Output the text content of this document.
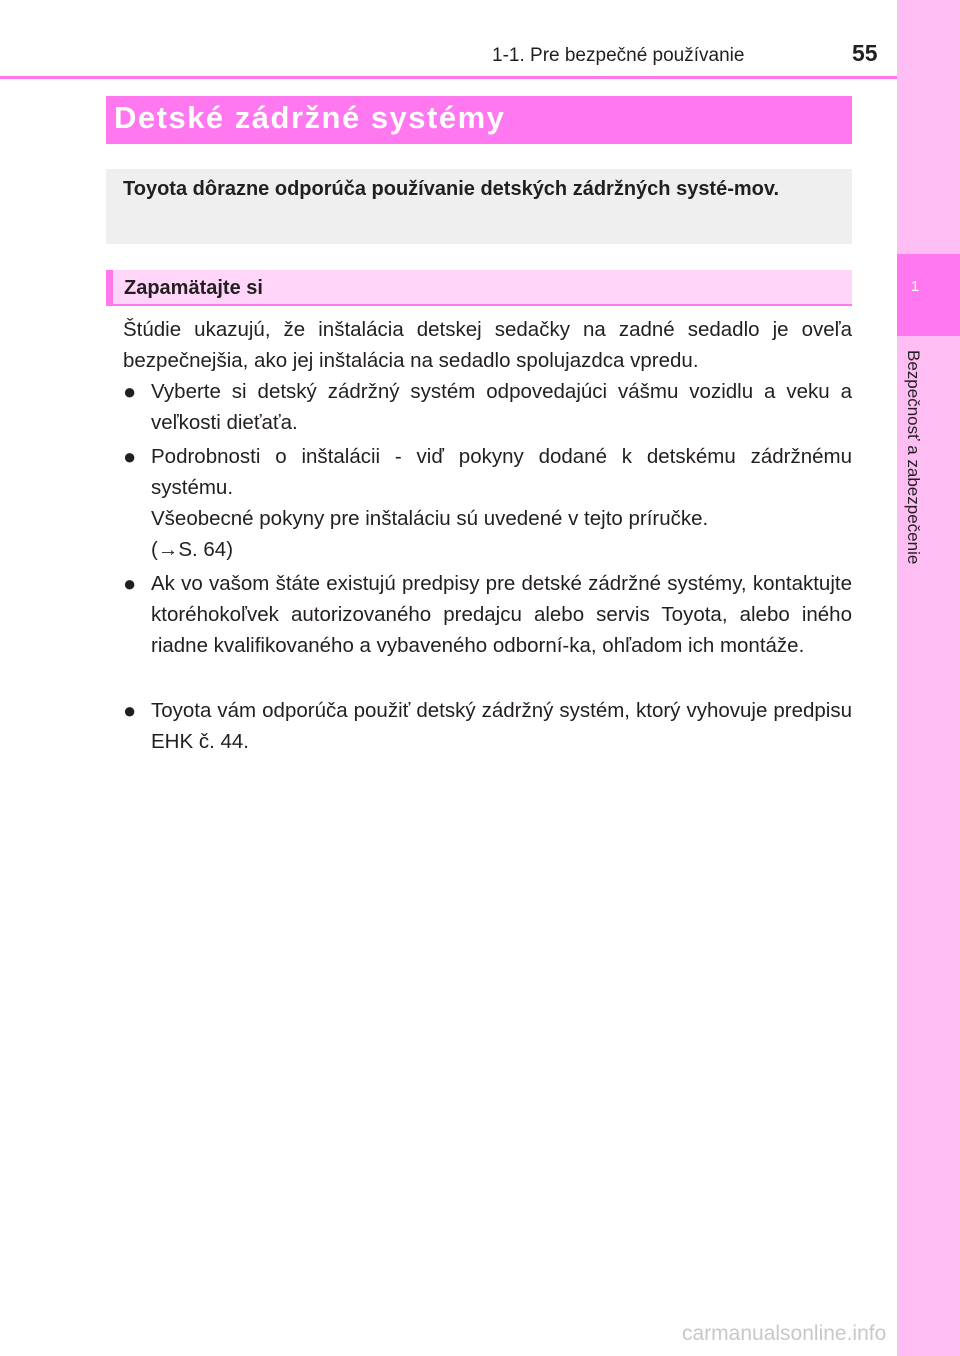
1
Bezpečnosť a zabezpečenie
1-1. Pre bezpečné používanie	55
Detské zádržné systémy
Toyota dôrazne odporúča používanie detských zádržných systé-mov.
Zapamätajte si
Štúdie ukazujú, že inštalácia detskej sedačky na zadné sedadlo je oveľa bezpečnejšia, ako jej inštalácia na sedadlo spolujazdca vpredu.
● Vyberte si detský zádržný systém odpovedajúci vášmu vozidlu a veku a veľkosti dieťaťa.
● Podrobnosti o inštalácii - viď pokyny dodané k detskému zádržnému systému.
Všeobecné pokyny pre inštaláciu sú uvedené v tejto príručke.
(→S. 64)
● Ak vo vašom štáte existujú predpisy pre detské zádržné systémy, kontaktujte ktoréhokoľvek autorizovaného predajcu alebo servis Toyota, alebo iného riadne kvalifikovaného a vybaveného odborní-ka, ohľadom ich montáže.
● Toyota vám odporúča použiť detský zádržný systém, ktorý vyhovuje predpisu EHK č. 44.
carmanualsonline.info
